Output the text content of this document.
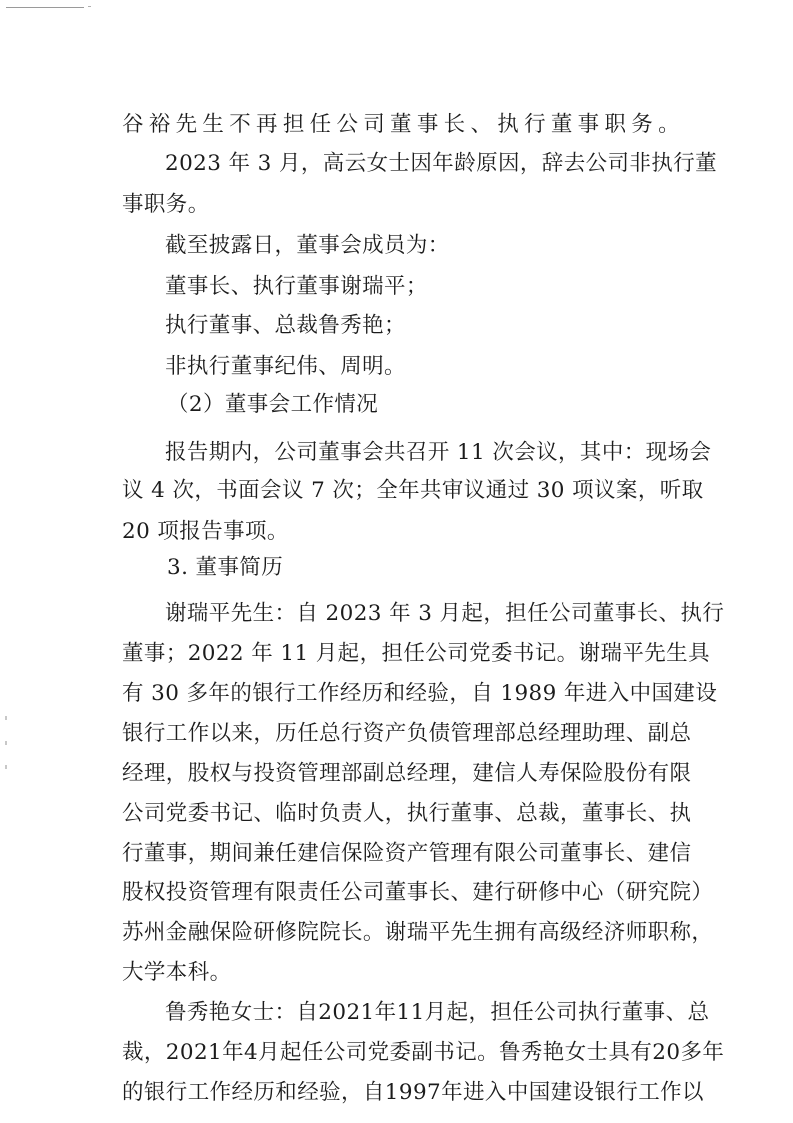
谷裕先生不再担任公司董事长、执行董事职务。
2023 年 3 月，高云女士因年龄原因，辞去公司非执行董
事职务。
截至披露日，董事会成员为：
董事长、执行董事谢瑞平；
执行董事、总裁鲁秀艳；
非执行董事纪伟、周明。
（2）董事会工作情况
报告期内，公司董事会共召开 11 次会议，其中：现场会
议 4 次，书面会议 7 次；全年共审议通过 30 项议案，听取
20 项报告事项。
3. 董事简历
谢瑞平先生：自 2023 年 3 月起，担任公司董事长、执行
董事；2022 年 11 月起，担任公司党委书记。谢瑞平先生具
有 30 多年的银行工作经历和经验，自 1989 年进入中国建设
银行工作以来，历任总行资产负债管理部总经理助理、副总
经理，股权与投资管理部副总经理，建信人寿保险股份有限
公司党委书记、临时负责人，执行董事、总裁，董事长、执
行董事，期间兼任建信保险资产管理有限公司董事长、建信
股权投资管理有限责任公司董事长、建行研修中心（研究院）
苏州金融保险研修院院长。谢瑞平先生拥有高级经济师职称，
大学本科。
鲁秀艳女士：自2021年11月起，担任公司执行董事、总
裁，2021年4月起任公司党委副书记。鲁秀艳女士具有20多年
的银行工作经历和经验，自1997年进入中国建设银行工作以
